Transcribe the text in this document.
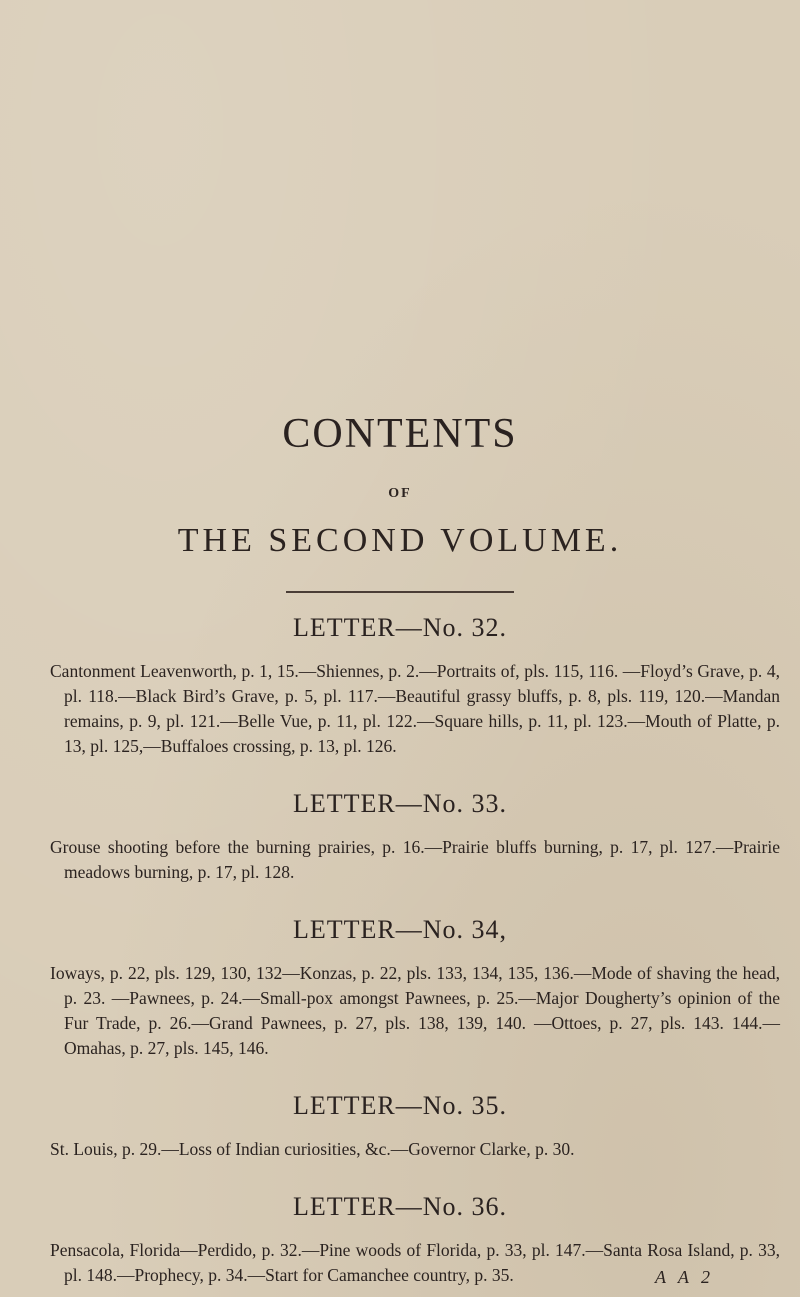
CONTENTS
OF
THE SECOND VOLUME.
LETTER—No. 32.
Cantonment Leavenworth, p. 1, 15.—Shiennes, p. 2.—Portraits of, pls. 115, 116. —Floyd’s Grave, p. 4, pl. 118.—Black Bird’s Grave, p. 5, pl. 117.—Beautiful grassy bluffs, p. 8, pls. 119, 120.—Mandan remains, p. 9, pl. 121.—Belle Vue, p. 11, pl. 122.—Square hills, p. 11, pl. 123.—Mouth of Platte, p. 13, pl. 125,—Buffaloes crossing, p. 13, pl. 126.
LETTER—No. 33.
Grouse shooting before the burning prairies, p. 16.—Prairie bluffs burning, p. 17, pl. 127.—Prairie meadows burning, p. 17, pl. 128.
LETTER—No. 34,
Ioways, p. 22, pls. 129, 130, 132—Konzas, p. 22, pls. 133, 134, 135, 136.—Mode of shaving the head, p. 23. —Pawnees, p. 24.—Small-pox amongst Pawnees, p. 25.—Major Dougherty’s opinion of the Fur Trade, p. 26.—Grand Pawnees, p. 27, pls. 138, 139, 140. —Ottoes, p. 27, pls. 143. 144.—Omahas, p. 27, pls. 145, 146.
LETTER—No. 35.
St. Louis, p. 29.—Loss of Indian curiosities, &c.—Governor Clarke, p. 30.
LETTER—No. 36.
Pensacola, Florida—Perdido, p. 32.—Pine woods of Florida, p. 33, pl. 147.—Santa Rosa Island, p. 33, pl. 148.—Prophecy, p. 34.—Start for Camanchee country, p. 35.	A A 2
